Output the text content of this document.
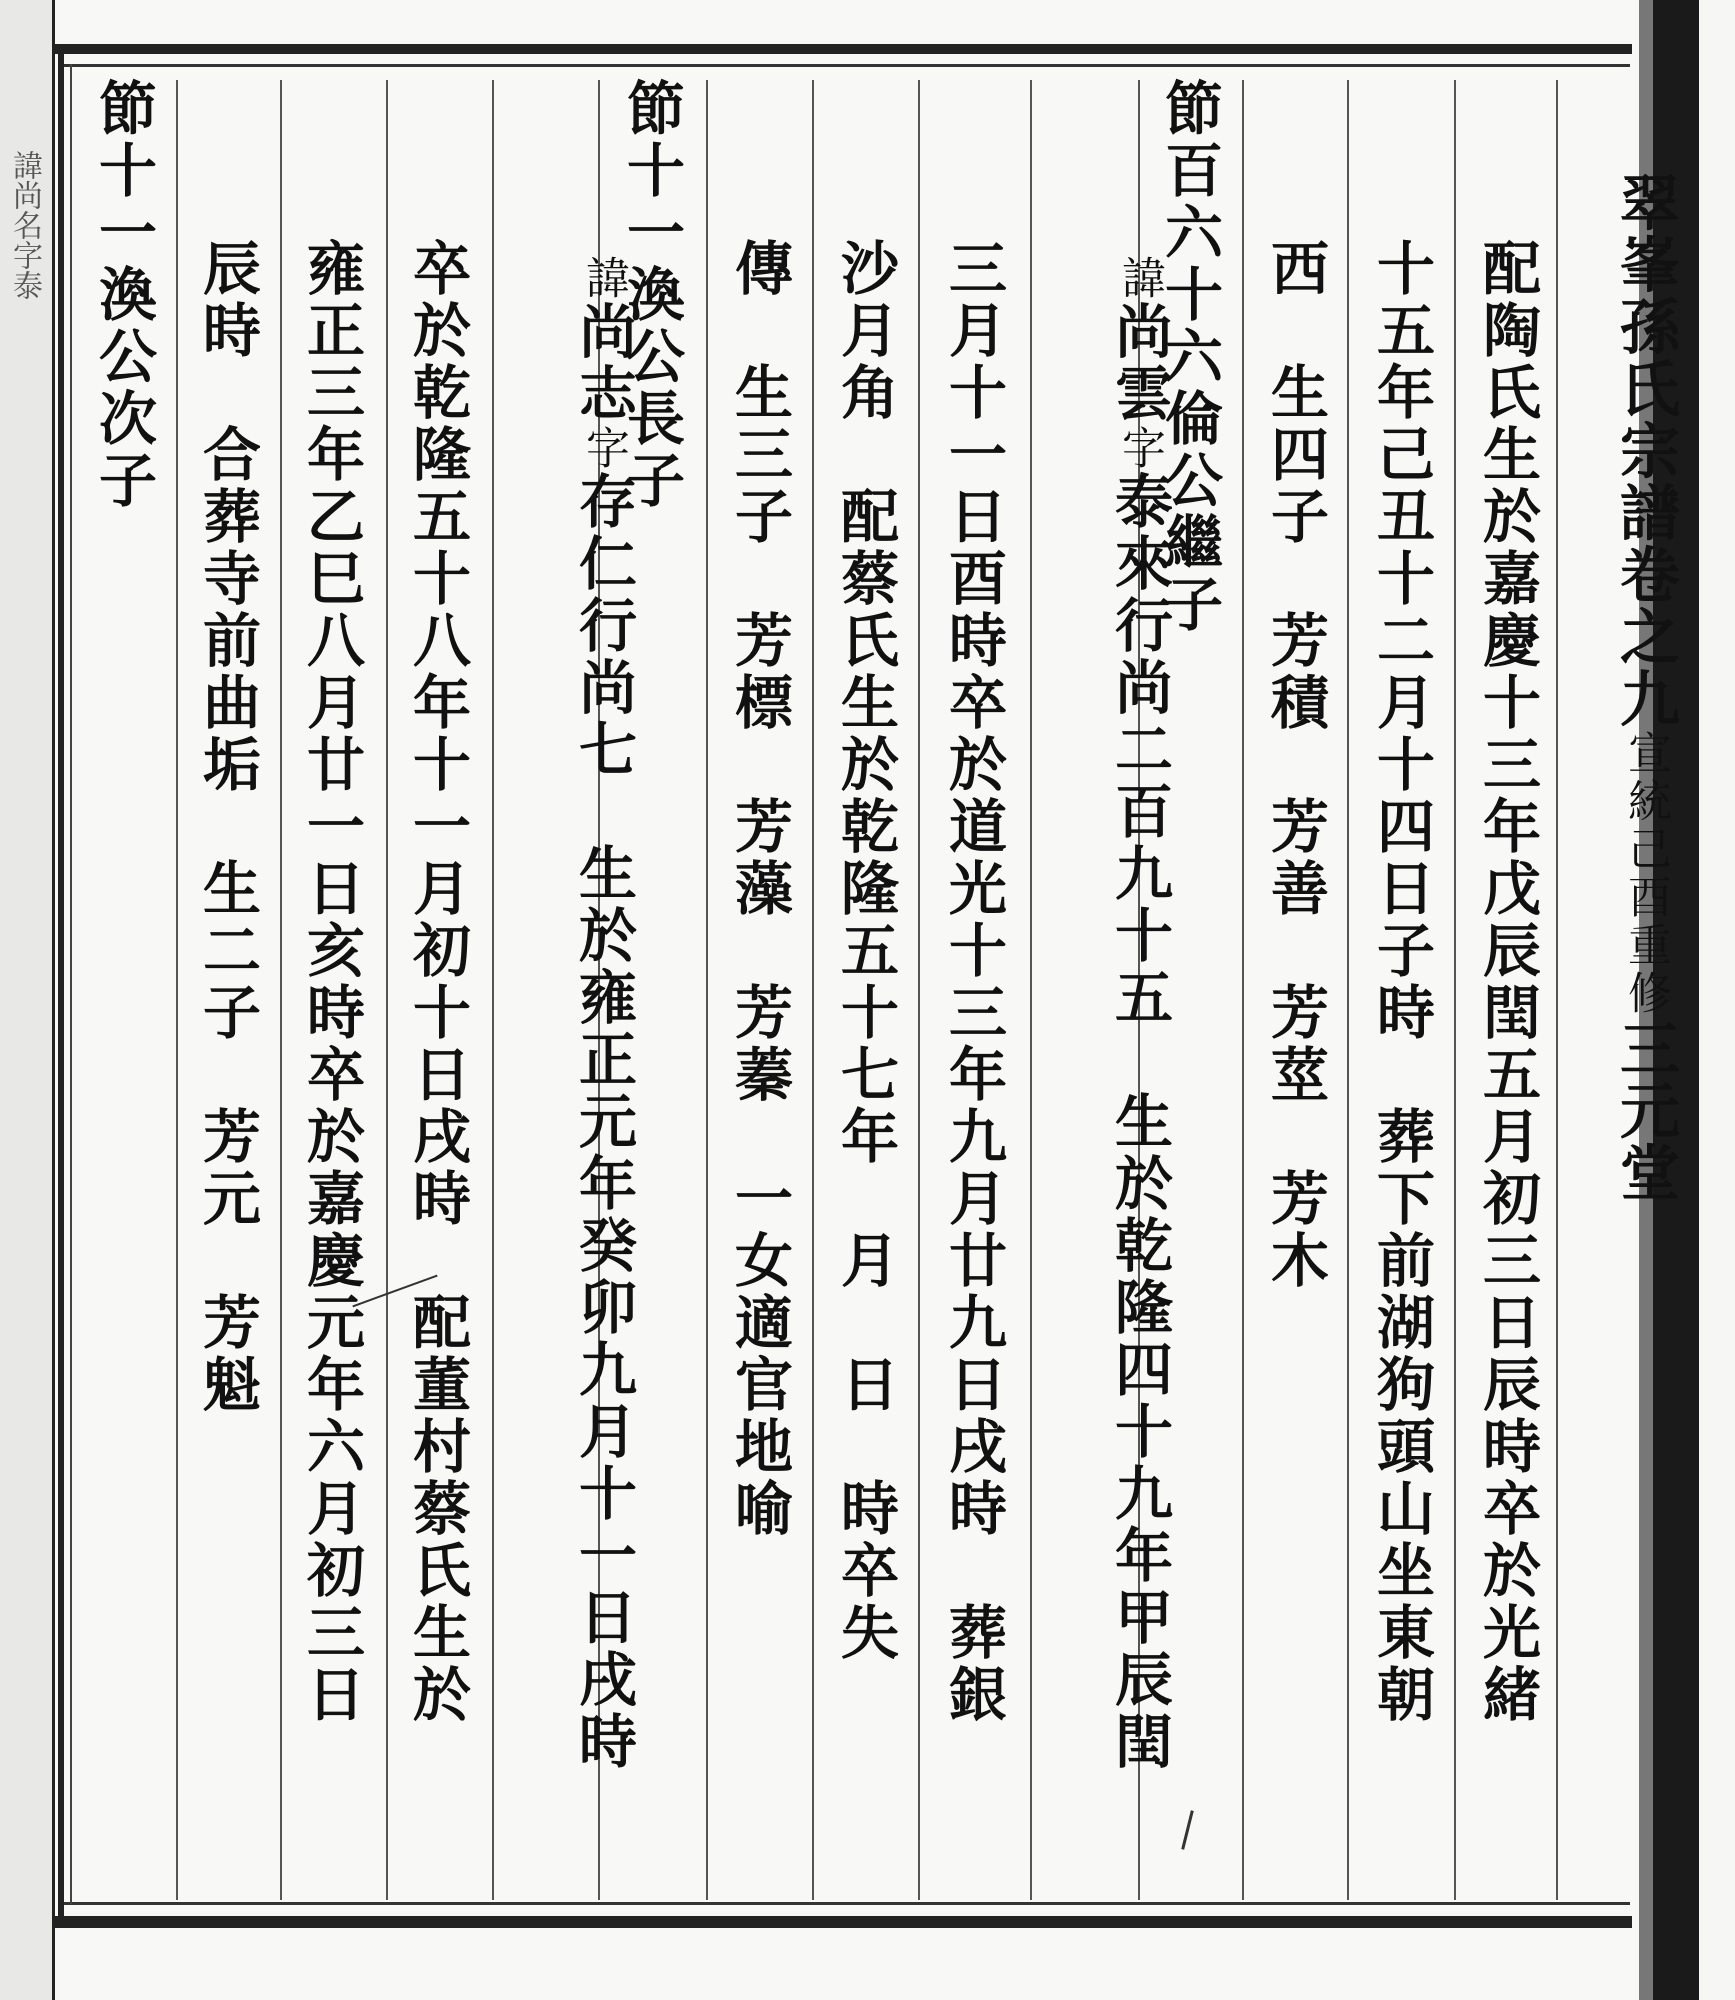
諱尚名字泰	翠峯孫氏宗譜卷之九宣統己酉重修三元堂

配陶氏生於嘉慶十三年戊辰閏五月初三日辰時卒於光緒
十五年己丑十二月十四日子時　葬下前湖狗頭山坐東朝
西　生四子　芳積　芳善　芳莖　芳木
節百六十六倫公繼子

諱尚雲字泰來行尚二百九十五　生於乾隆四十九年甲辰閏

三月十一日酉時卒於道光十三年九月廿九日戌時　葬銀
沙月角　配蔡氏生於乾隆五十七年　月　日　時卒失
傳　生三子　芳標　芳藻　芳蓁　一女適官地喻
節十一渙公長子

諱尚志字存仁行尚七　生於雍正元年癸卯九月十一日戌時

卒於乾隆五十八年十一月初十日戌時　配董村蔡氏生於
雍正三年乙巳八月廿一日亥時卒於嘉慶元年六月初三日
辰時　合葬寺前曲垢　生二子　芳元　芳魁
節十一渙公次子
